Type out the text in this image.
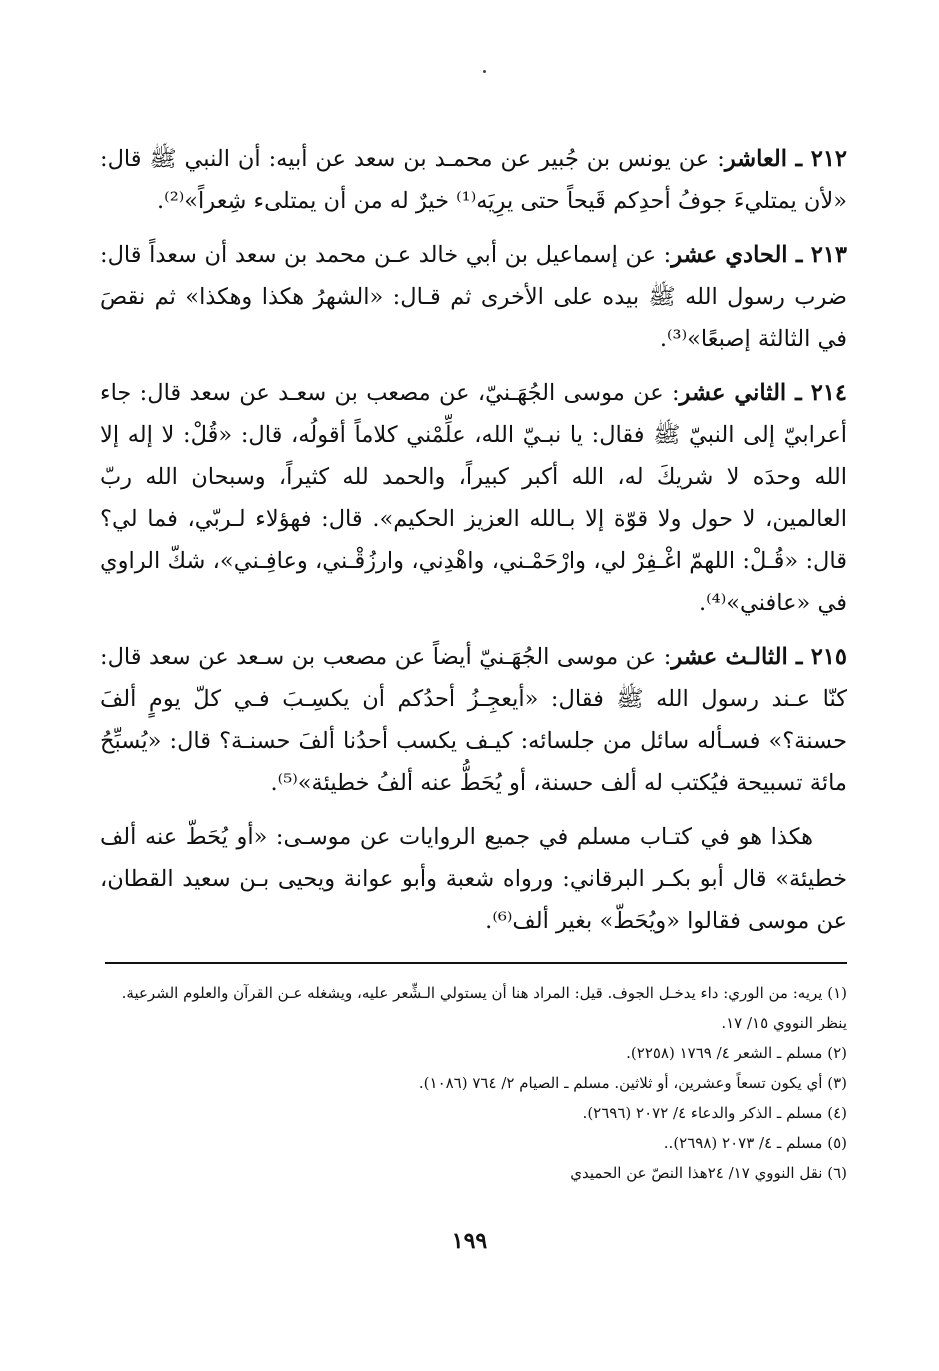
٢١٢ ـ العاشر: عن يونس بن جُبير عن محمـد بن سعد عن أبيه: أن النبي ﷺ قال: «لأن يمتليءَ جوفُ أحدِكم قَيحاً حتى يرِيَه⁽¹⁾ خيرٌ له من أن يمتلىء شِعراً»⁽²⁾.

٢١٣ ـ الحادي عشر: عن إسماعيل بن أبي خالد عـن محمد بن سعد أن سعداً قال: ضرب رسول الله ﷺ بيده على الأخرى ثم قـال: «الشهرُ هكذا وهكذا» ثم نقصَ في الثالثة إصبعًا»⁽³⁾.

٢١٤ ـ الثاني عشر: عن موسى الجُهَـنيّ، عن مصعب بن سعـد عن سعد قال: جاء أعرابيّ إلى النبيّ ﷺ فقال: يا نبـيّ الله، علِّمْني كلاماً أقولُه، قال: «قُلْ: لا إله إلا الله وحدَه لا شريكَ له، الله أكبر كبيراً، والحمد لله كثيراً، وسبحان الله ربّ العالمين، لا حول ولا قوّة إلا بـالله العزيز الحكيم». قال: فهؤلاء لـربّي، فما لي؟ قال: «قُـلْ: اللهمّ اغْـفِرْ لي، وارْحَمْـني، واهْدِني، وارزُقْـني، وعافِـني»، شكّ الراوي في «عافني»⁽⁴⁾.

٢١٥ ـ الثالـث عشر: عن موسى الجُهَـنيّ أيضاً عن مصعب بن سـعد عن سعد قال: كنّا عـند رسول الله ﷺ فقال: «أيعجِـزُ أحدُكم أن يكسِـبَ فـي كلّ يومٍ ألفَ حسنة؟» فسـأله سائل من جلسائه: كيـف يكسب أحدُنا ألفَ حسنـة؟ قال: «يُسبِّحُ مائة تسبيحة فيُكتب له ألف حسنة، أو يُحَطُّ عنه ألفُ خطيئة»⁽⁵⁾.

هكذا هو في كتـاب مسلم في جميع الروايات عن موسـى: «أو يُحَطّ عنه ألف خطيئة» قال أبو بكـر البرقاني: ورواه شعبة وأبو عوانة ويحيى بـن سعيد القطان، عن موسى فقالوا «ويُحَطّ» بغير ألف⁽⁶⁾.

(١) يريه: من الوري: داء يدخـل الجوف. قيل: المراد هنا أن يستولي الـشِّعر عليه، ويشغله عـن القرآن والعلوم الشرعية. ينظر النووي ١٥/ ١٧.

(٢) مسلم ـ الشعر ٤/ ١٧٦٩ (٢٢٥٨).

(٣) أي يكون تسعاً وعشرين، أو ثلاثين. مسلم ـ الصيام ٢/ ٧٦٤ (١٠٨٦).

(٤) مسلم ـ الذكر والدعاء ٤/ ٢٠٧٢ (٢٦٩٦).

(٥) مسلم ـ ٤/ ٢٠٧٣ (٢٦٩٨)..

(٦) نقل النووي ١٧/ ٢٤هذا النصّ عن الحميدي

١٩٩
